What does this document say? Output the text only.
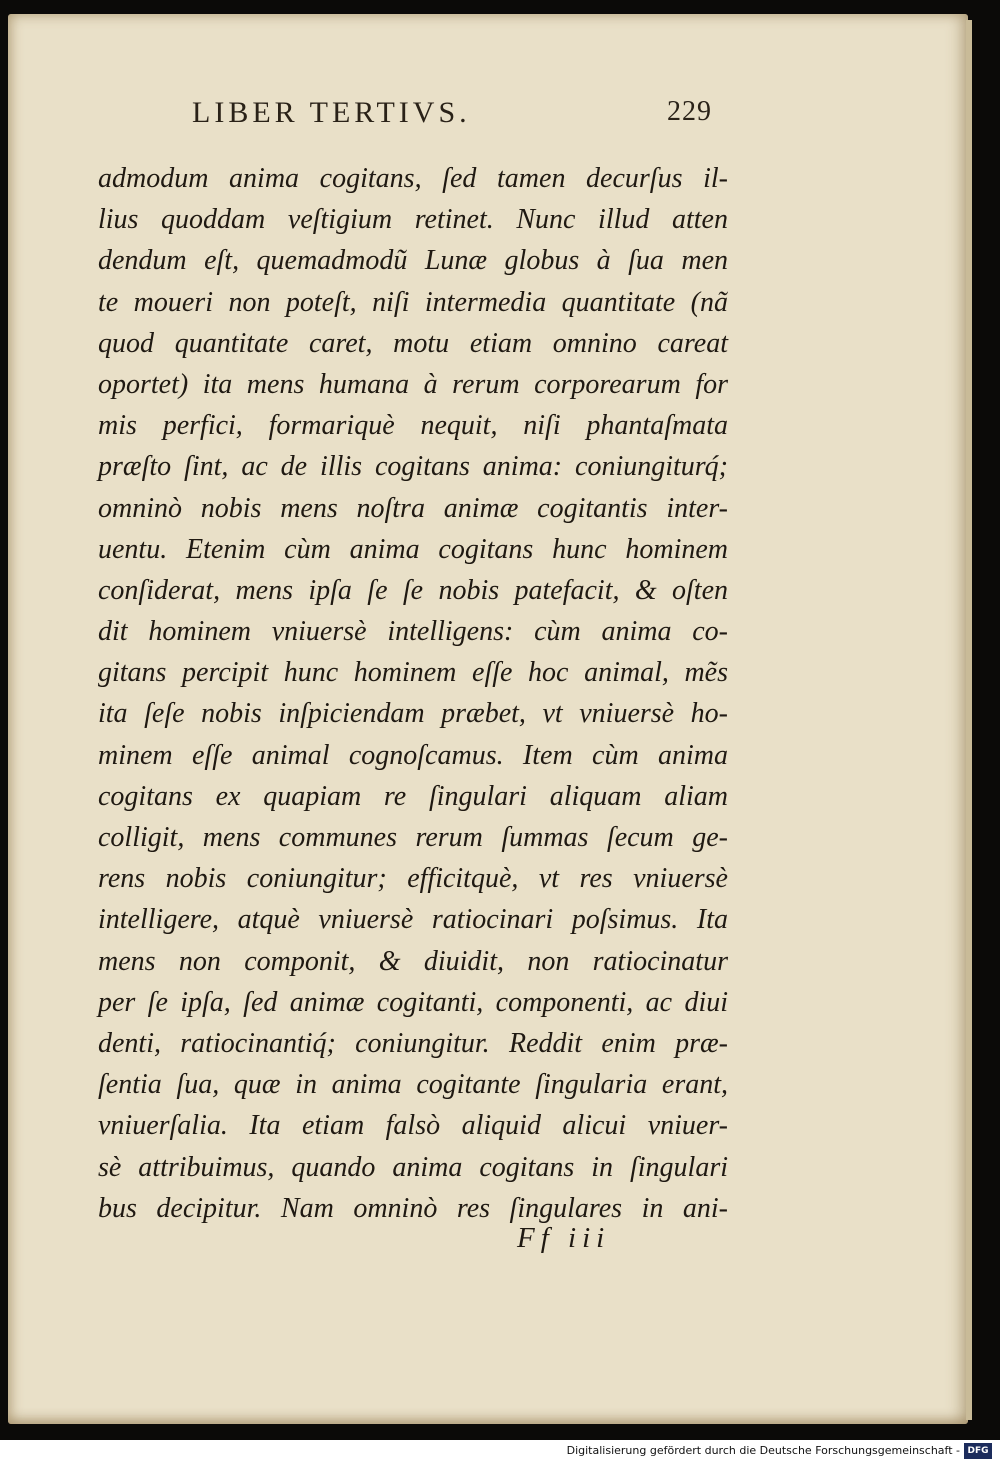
LIBER TERTIVS.	229
admodum anima cogitans, ſed tamen decurſus il-
lius quoddam veſtigium retinet. Nunc illud atten
dendum eſt, quemadmodũ Lunæ globus à ſua men
te moueri non poteſt, niſi intermedia quantitate (nã
quod quantitate caret, motu etiam omnino careat
oportet) ita mens humana à rerum corporearum for
mis perfici, formariquè nequit, niſi phantaſmata
præſto ſint, ac de illis cogitans anima: coniungiturq́;
omninò nobis mens noſtra animæ cogitantis inter-
uentu. Etenim cùm anima cogitans hunc hominem
conſiderat, mens ipſa ſe ſe nobis patefacit, & oſten
dit hominem vniuersè intelligens: cùm anima co-
gitans percipit hunc hominem eſſe hoc animal, mẽs
ita ſeſe nobis inſpiciendam præbet, vt vniuersè ho-
minem eſſe animal cognoſcamus. Item cùm anima
cogitans ex quapiam re ſingulari aliquam aliam
colligit, mens communes rerum ſummas ſecum ge-
rens nobis coniungitur; efficitquè, vt res vniuersè
intelligere, atquè vniuersè ratiocinari poſsimus. Ita
mens non componit, & diuidit, non ratiocinatur
per ſe ipſa, ſed animæ cogitanti, componenti, ac diui
denti, ratiocinantiq́; coniungitur. Reddit enim præ-
ſentia ſua, quæ in anima cogitante ſingularia erant,
vniuerſalia. Ita etiam falsò aliquid alicui vniuer-
sè attribuimus, quando anima cogitans in ſingulari
bus decipitur. Nam omninò res ſingulares in ani-
Ff iii
Digitalisierung gefördert durch die Deutsche Forschungsgemeinschaft - DFG
